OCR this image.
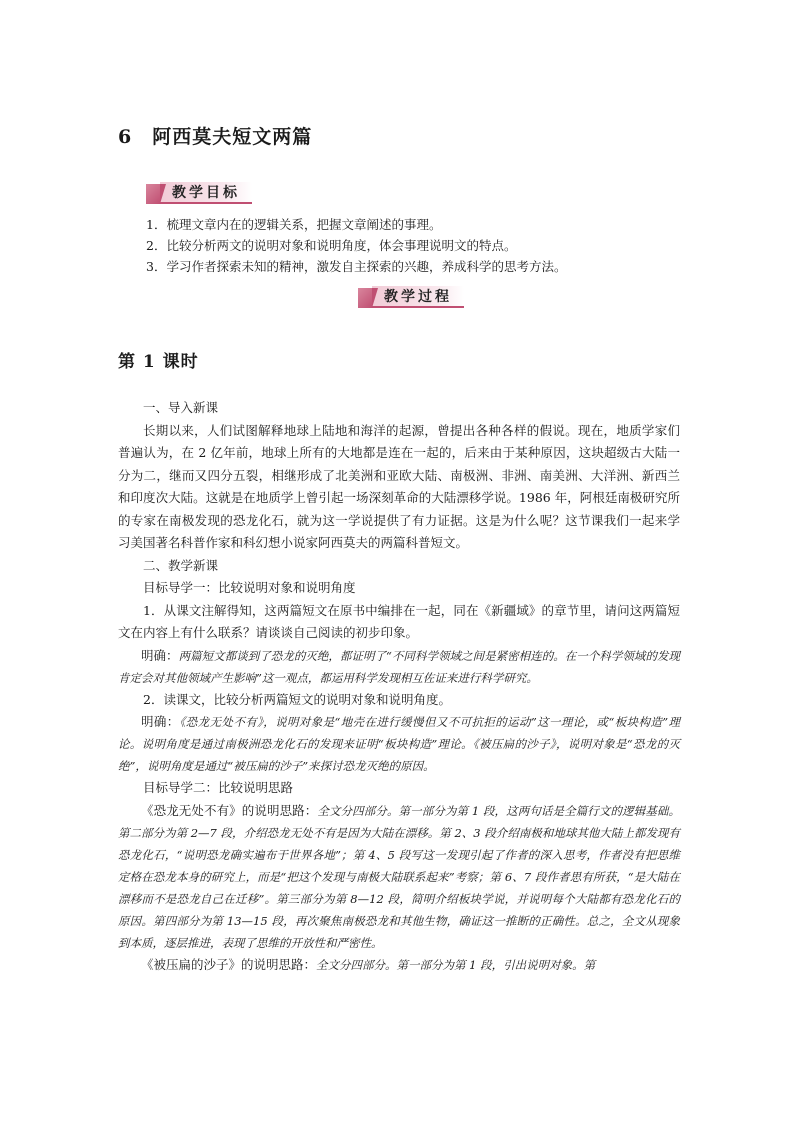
6　阿西莫夫短文两篇
教学目标
1．梳理文章内在的逻辑关系，把握文章阐述的事理。
2．比较分析两文的说明对象和说明角度，体会事理说明文的特点。
3．学习作者探索未知的精神，激发自主探索的兴趣，养成科学的思考方法。
教学过程
第 1 课时

一、导入新课

长期以来，人们试图解释地球上陆地和海洋的起源，曾提出各种各样的假说。现在，地质学家们普遍认为，在 2 亿年前，地球上所有的大地都是连在一起的，后来由于某种原因，这块超级古大陆一分为二，继而又四分五裂，相继形成了北美洲和亚欧大陆、南极洲、非洲、南美洲、大洋洲、新西兰和印度次大陆。这就是在地质学上曾引起一场深刻革命的大陆漂移学说。1986 年，阿根廷南极研究所的专家在南极发现的恐龙化石，就为这一学说提供了有力证据。这是为什么呢？这节课我们一起来学习美国著名科普作家和科幻想小说家阿西莫夫的两篇科普短文。

二、教学新课

目标导学一：比较说明对象和说明角度

1．从课文注解得知，这两篇短文在原书中编排在一起，同在《新疆域》的章节里，请问这两篇短文在内容上有什么联系？请谈谈自己阅读的初步印象。

明确：两篇短文都谈到了恐龙的灭绝，都证明了“不同科学领域之间是紧密相连的。在一个科学领域的发现肯定会对其他领域产生影响”这一观点，都运用科学发现相互佐证来进行科学研究。

2．读课文，比较分析两篇短文的说明对象和说明角度。

明确：《恐龙无处不有》，说明对象是“地壳在进行缓慢但又不可抗拒的运动”这一理论，或“板块构造”理论。说明角度是通过南极洲恐龙化石的发现来证明“板块构造”理论。《被压扁的沙子》，说明对象是“恐龙的灭绝”，说明角度是通过“被压扁的沙子”来探讨恐龙灭绝的原因。

目标导学二：比较说明思路

《恐龙无处不有》的说明思路：全文分四部分。第一部分为第 1 段，这两句话是全篇行文的逻辑基础。第二部分为第 2—7 段，介绍恐龙无处不有是因为大陆在漂移。第 2、3 段介绍南极和地球其他大陆上都发现有恐龙化石，“说明恐龙确实遍布于世界各地”；第 4、5 段写这一发现引起了作者的深入思考，作者没有把思维定格在恐龙本身的研究上，而是“把这个发现与南极大陆联系起来”考察；第 6、7 段作者思有所获，“是大陆在漂移而不是恐龙自己在迁移”。第三部分为第 8—12 段，简明介绍板块学说，并说明每个大陆都有恐龙化石的原因。第四部分为第 13—15 段，再次聚焦南极恐龙和其他生物，确证这一推断的正确性。总之，全文从现象到本质，逐层推进，表现了思维的开放性和严密性。

《被压扁的沙子》的说明思路：全文分四部分。第一部分为第 1 段，引出说明对象。第
